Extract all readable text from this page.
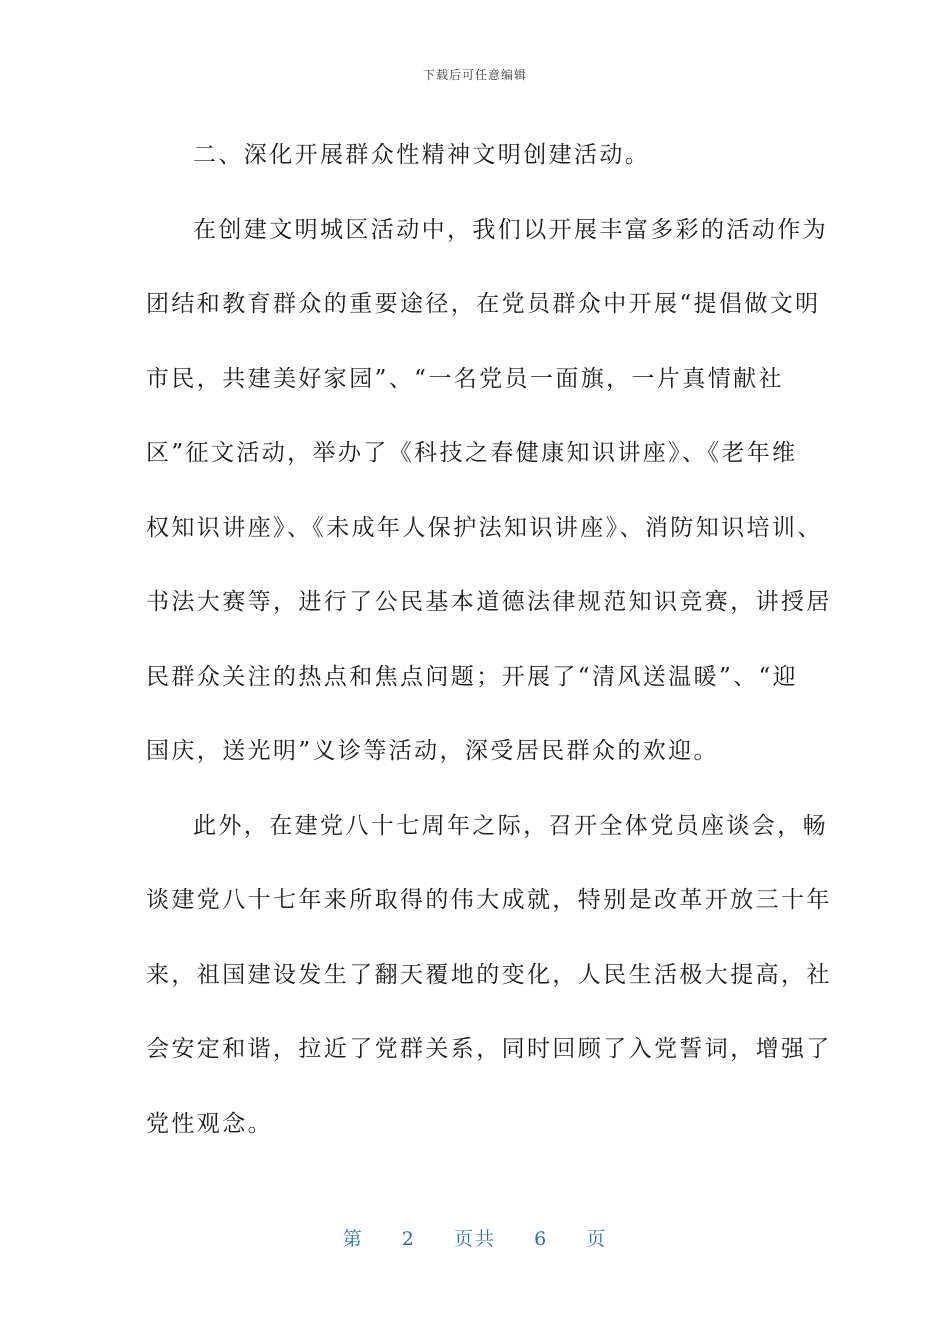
下载后可任意编辑
二、深化开展群众性精神文明创建活动。
在创建文明城区活动中，我们以开展丰富多彩的活动作为
团结和教育群众的重要途径，在党员群众中开展“提倡做文明
市民，共建美好家园”、“一名党员一面旗，一片真情献社
区”征文活动，举办了《科技之春健康知识讲座》、《老年维
权知识讲座》、《未成年人保护法知识讲座》、消防知识培训、
书法大赛等，进行了公民基本道德法律规范知识竞赛，讲授居
民群众关注的热点和焦点问题；开展了“清风送温暖”、“迎
国庆，送光明”义诊等活动，深受居民群众的欢迎。
此外，在建党八十七周年之际，召开全体党员座谈会，畅
谈建党八十七年来所取得的伟大成就，特别是改革开放三十年
来，祖国建设发生了翻天覆地的变化，人民生活极大提高，社
会安定和谐，拉近了党群关系，同时回顾了入党誓词，增强了
党性观念。
第 2 页共 6 页
